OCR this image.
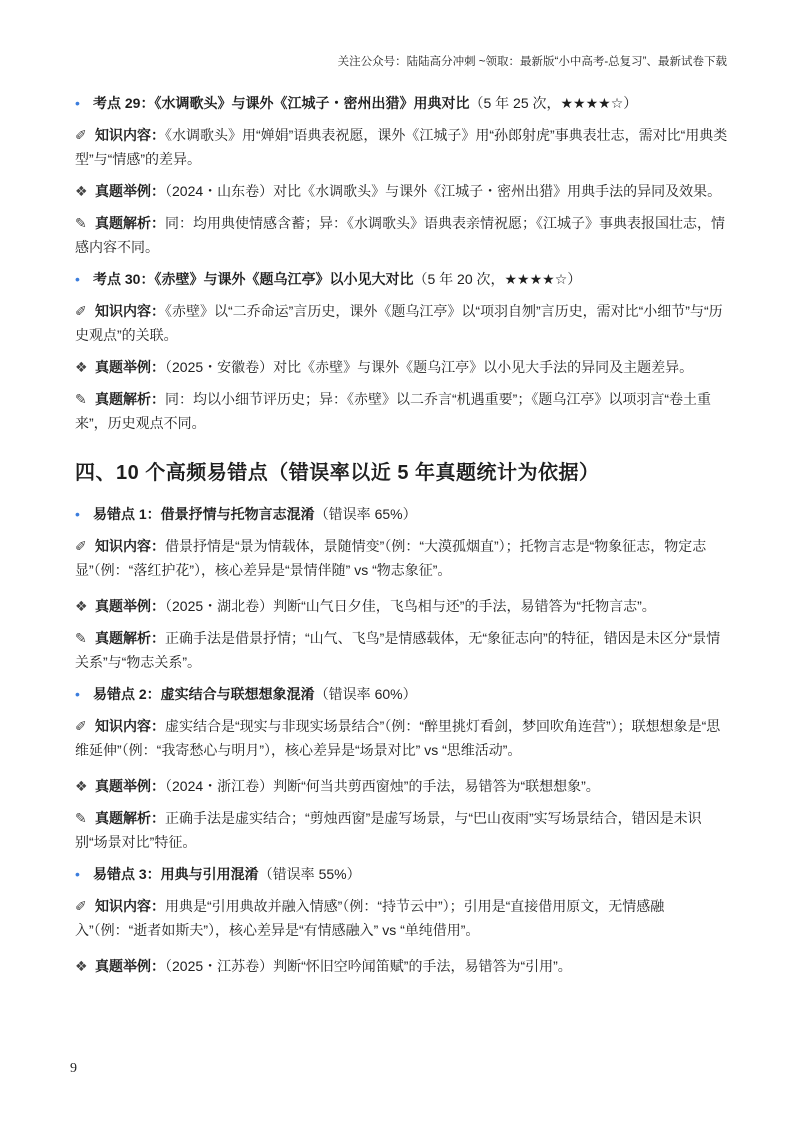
关注公众号：陆陆高分冲刺 ~领取：最新版“小中高考-总复习”、最新试卷下载

• 考点 29：《水调歌头》与课外《江城子・密州出猎》用典对比（5 年 25 次，★★★★☆）

✐ 知识内容：《水调歌头》用“婵娟”语典表祝愿，课外《江城子》用“孙郎射虎”事典表壮志，需对比“用典类型”与“情感”的差异。

❖ 真题举例：（2024・山东卷）对比《水调歌头》与课外《江城子・密州出猎》用典手法的异同及效果。

✎ 真题解析：同：均用典使情感含蓄；异：《水调歌头》语典表亲情祝愿；《江城子》事典表报国壮志，情感内容不同。

• 考点 30：《赤壁》与课外《题乌江亭》以小见大对比（5 年 20 次，★★★★☆）

✐ 知识内容：《赤壁》以“二乔命运”言历史，课外《题乌江亭》以“项羽自刎”言历史，需对比“小细节”与“历史观点”的关联。

❖ 真题举例：（2025・安徽卷）对比《赤壁》与课外《题乌江亭》以小见大手法的异同及主题差异。

✎ 真题解析：同：均以小细节评历史；异：《赤壁》以二乔言“机遇重要”；《题乌江亭》以项羽言“卷土重来”，历史观点不同。

四、10 个高频易错点（错误率以近 5 年真题统计为依据）

• 易错点 1：借景抒情与托物言志混淆（错误率 65%）

✐ 知识内容：借景抒情是“景为情载体，景随情变”（例：“大漠孤烟直”）；托物言志是“物象征志，物定志显”（例：“落红护花”），核心差异是“景情伴随” vs “物志象征”。

❖ 真题举例：（2025・湖北卷）判断“山气日夕佳，飞鸟相与还”的手法，易错答为“托物言志”。

✎ 真题解析：正确手法是借景抒情；“山气、飞鸟”是情感载体，无“象征志向”的特征，错因是未区分“景情关系”与“物志关系”。

• 易错点 2：虚实结合与联想想象混淆（错误率 60%）

✐ 知识内容：虚实结合是“现实与非现实场景结合”（例：“醉里挑灯看剑，梦回吹角连营”）；联想想象是“思维延伸”（例：“我寄愁心与明月”），核心差异是“场景对比” vs “思维活动”。

❖ 真题举例：（2024・浙江卷）判断“何当共剪西窗烛”的手法，易错答为“联想想象”。

✎ 真题解析：正确手法是虚实结合；“剪烛西窗”是虚写场景，与“巴山夜雨”实写场景结合，错因是未识别“场景对比”特征。

• 易错点 3：用典与引用混淆（错误率 55%）

✐ 知识内容：用典是“引用典故并融入情感”（例：“持节云中”）；引用是“直接借用原文，无情感融入”（例：“逝者如斯夫”），核心差异是“有情感融入” vs “单纯借用”。

❖ 真题举例：（2025・江苏卷）判断“怀旧空吟闻笛赋”的手法，易错答为“引用”。

9
